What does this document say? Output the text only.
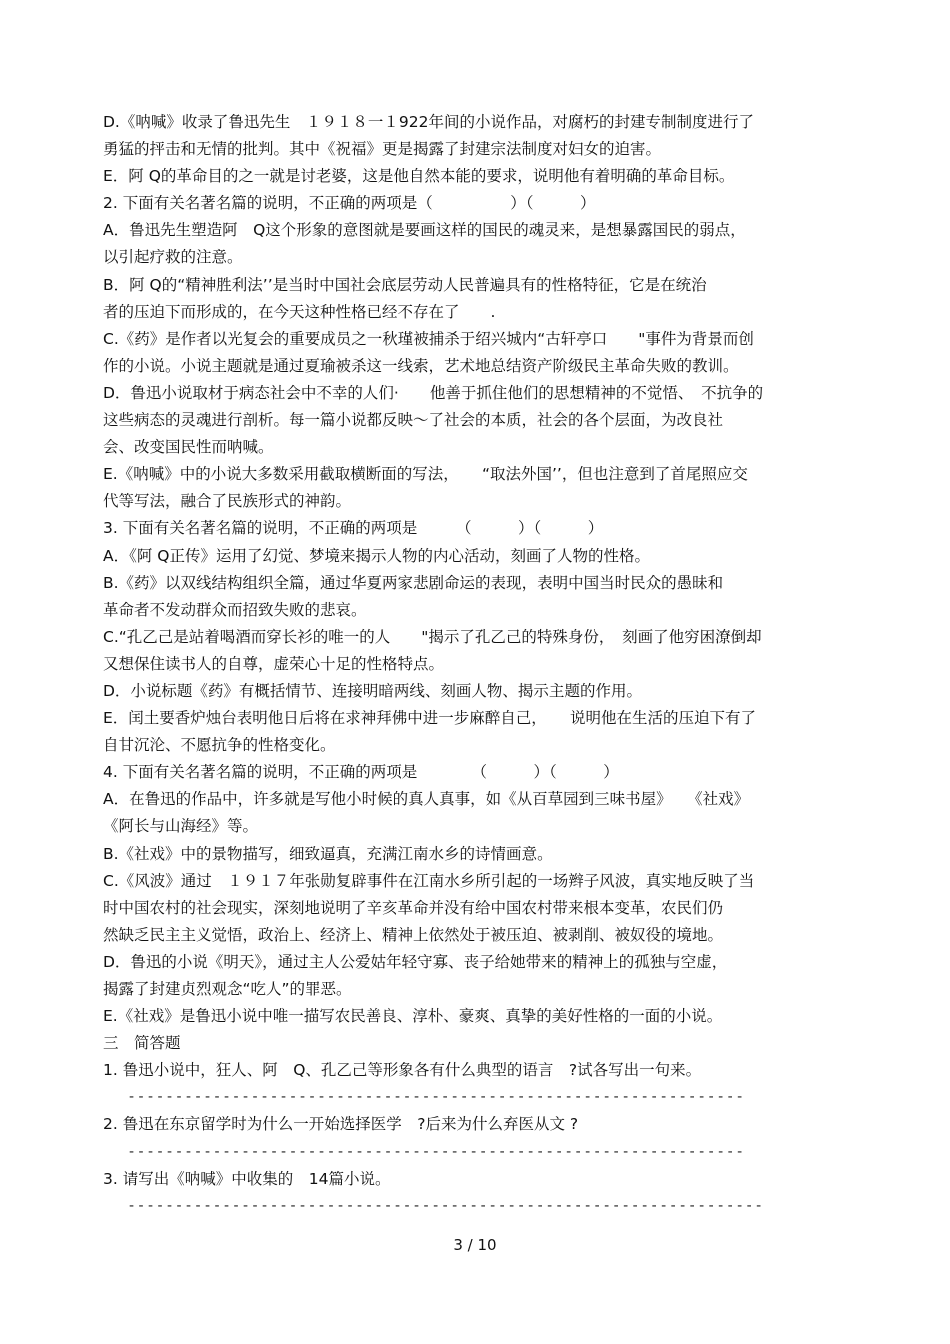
D.《呐喊》收录了鲁迅先生　１９１８一１922年间的小说作品，对腐朽的封建专制制度进行了
勇猛的抨击和无情的批判。其中《祝福》更是揭露了封建宗法制度对妇女的迫害。
E．阿 Q的革命目的之一就是讨老婆，这是他自然本能的要求，说明他有着明确的革命目标。
2. 下面有关名著名篇的说明，不正确的两项是（　　　　　）（　　　）
A．鲁迅先生塑造阿　Q这个形象的意图就是要画这样的国民的魂灵来，是想暴露国民的弱点，
以引起疗救的注意。
B．阿 Q的“精神胜利法’’是当时中国社会底层劳动人民普遍具有的性格特征，它是在统治
者的压迫下而形成的，在今天这种性格已经不存在了　　.
C.《药》是作者以光复会的重要成员之一秋瑾被捕杀于绍兴城内“古轩亭口　　"事件为背景而创
作的小说。小说主题就是通过夏瑜被杀这一线索，艺术地总结资产阶级民主革命失败的教训。
D．鲁迅小说取材于病态社会中不幸的人们·　　他善于抓住他们的思想精神的不觉悟、　不抗争的
这些病态的灵魂进行剖析。每一篇小说都反映～了社会的本质，社会的各个层面，为改良社
会、改变国民性而呐喊。
E.《呐喊》中的小说大多数采用截取横断面的写法，　　“取法外国’’，但也注意到了首尾照应交
代等写法，融合了民族形式的神韵。
3. 下面有关名著名篇的说明，不正确的两项是　　　（　　　）（　　　）
A．《阿 Q正传》运用了幻觉、梦境来揭示人物的内心活动，刻画了人物的性格。
B.《药》以双线结构组织全篇，通过华夏两家悲剧命运的表现，表明中国当时民众的愚昧和
革命者不发动群众而招致失败的悲哀。
C.“孔乙己是站着喝酒而穿长衫的唯一的人　　"揭示了孔乙己的特殊身份，　刻画了他穷困潦倒却
又想保住读书人的自尊，虚荣心十足的性格特点。
D．小说标题《药》有概括情节、连接明暗两线、刻画人物、揭示主题的作用。
E．闰土要香炉烛台表明他日后将在求神拜佛中进一步麻醉自己，　　说明他在生活的压迫下有了
自甘沉沦、不愿抗争的性格变化。
4. 下面有关名著名篇的说明，不正确的两项是　　　　（　　　）（　　　）
A．在鲁迅的作品中，许多就是写他小时候的真人真事，如《从百草园到三味书屋》　　《社戏》
《阿长与山海经》等。
B.《社戏》中的景物描写，细致逼真，充满江南水乡的诗情画意。
C.《风波》通过　１９１７年张勋复辟事件在江南水乡所引起的一场辫子风波，真实地反映了当
时中国农村的社会现实，深刻地说明了辛亥革命并没有给中国农村带来根本变革，农民们仍
然缺乏民主主义觉悟，政治上、经济上、精神上依然处于被压迫、被剥削、被奴役的境地。
D．鲁迅的小说《明天》，通过主人公爱姑年轻守寡、丧子给她带来的精神上的孤独与空虚，
揭露了封建贞烈观念“吃人”的罪恶。
E.《社戏》是鲁迅小说中唯一描写农民善良、淳朴、豪爽、真挚的美好性格的一面的小说。
三　简答题
1. 鲁迅小说中，狂人、阿　Q、孔乙己等形象各有什么典型的语言　?试各写出一句来。
- - - - - - - - - - - - - - - - - - - - - - - - - - - - - - - - - - - - - - - - - - - - - - - - - - - - - - - - - - - - - - - - -
2. 鲁迅在东京留学时为什么一开始选择医学　?后来为什么弃医从文 ?
- - - - - - - - - - - - - - - - - - - - - - - - - - - - - - - - - - - - - - - - - - - - - - - - - - - - - - - - - - - - - - - - -
3. 请写出《呐喊》中收集的　14篇小说。
- - - - - - - - - - - - - - - - - - - - - - - - - - - - - - - - - - - - - - - - - - - - - - - - - - - - - - - - - - - - - - - - - - -
3 / 10
